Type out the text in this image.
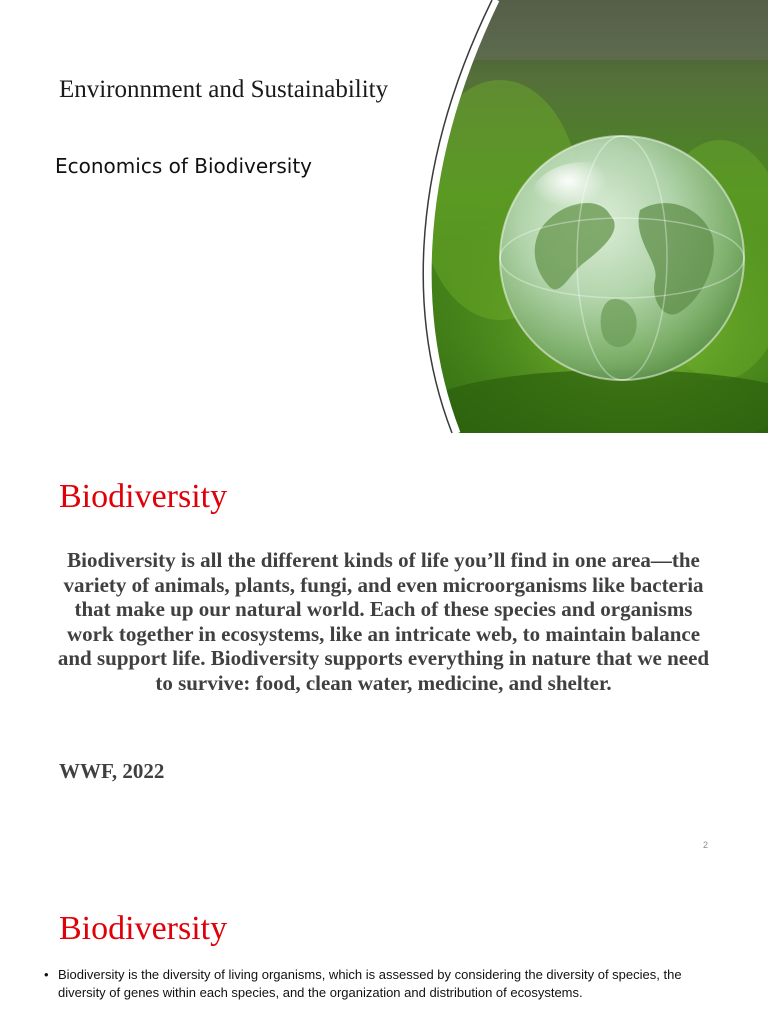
Environnment and Sustainability

Economics of Biodiversity

Biodiversity

Biodiversity is all the different kinds of life you’ll find in one area—the variety of animals, plants, fungi, and even microorganisms like bacteria that make up our natural world. Each of these species and organisms work together in ecosystems, like an intricate web, to maintain balance and support life. Biodiversity supports everything in nature that we need to survive: food, clean water, medicine, and shelter.

WWF, 2022

2
Biodiversity
• Biodiversity is the diversity of living organisms, which is assessed by considering the diversity of species, the diversity of genes within each species, and the organization and distribution of ecosystems.
